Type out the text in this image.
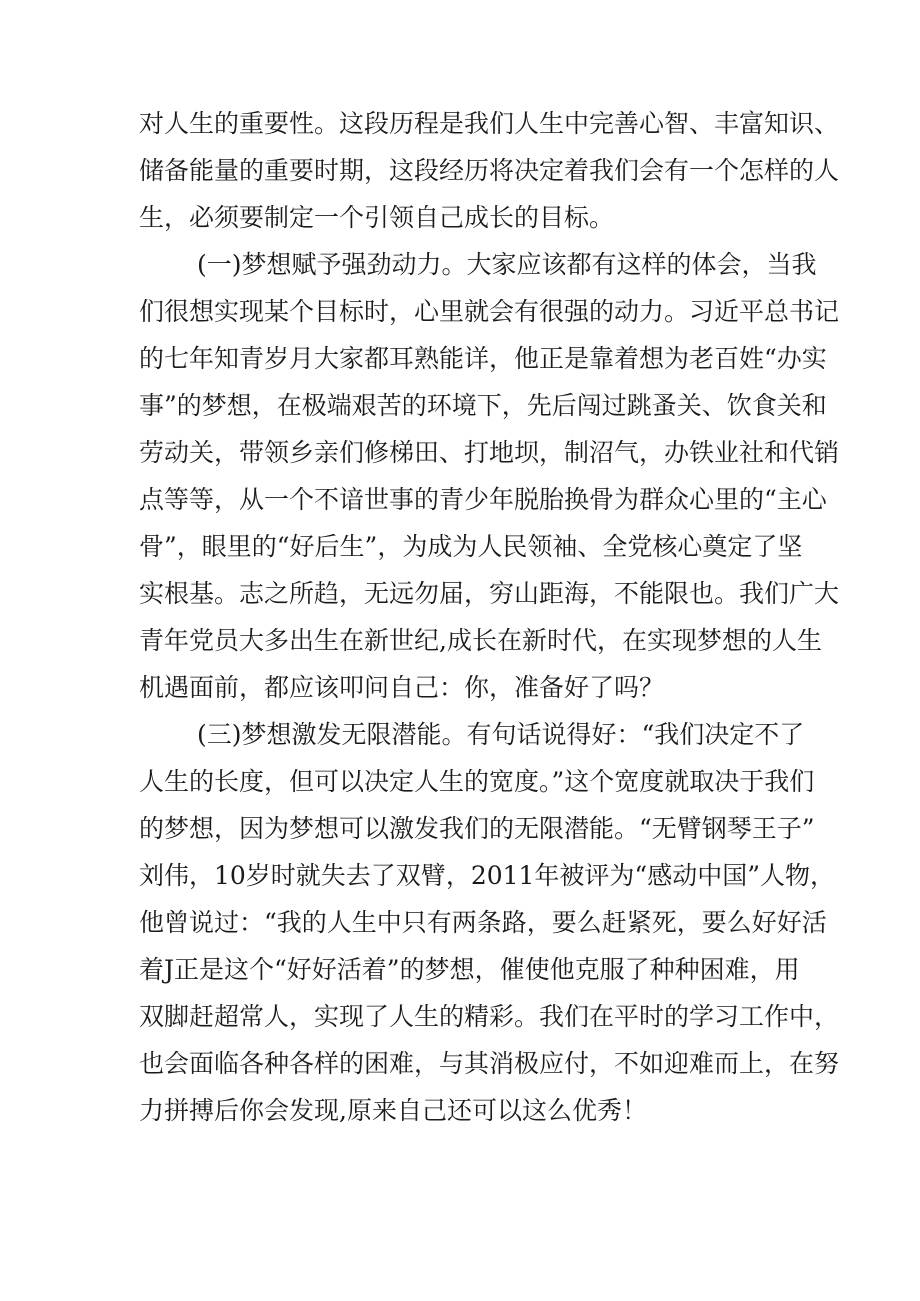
对人生的重要性。这段历程是我们人生中完善心智、丰富知识、
储备能量的重要时期，这段经历将决定着我们会有一个怎样的人
生，必须要制定一个引领自己成长的目标。
(一)梦想赋予强劲动力。大家应该都有这样的体会，当我
们很想实现某个目标时，心里就会有很强的动力。习近平总书记
的七年知青岁月大家都耳熟能详，他正是靠着想为老百姓“办实
事”的梦想，在极端艰苦的环境下，先后闯过跳蚤关、饮食关和
劳动关，带领乡亲们修梯田、打地坝，制沼气，办铁业社和代销
点等等，从一个不谙世事的青少年脱胎换骨为群众心里的“主心
骨”，眼里的“好后生”，为成为人民领袖、全党核心奠定了坚
实根基。志之所趋，无远勿届，穷山距海，不能限也。我们广大
青年党员大多出生在新世纪,成长在新时代，在实现梦想的人生
机遇面前，都应该叩问自己：你，准备好了吗？
(三)梦想激发无限潜能。有句话说得好：“我们决定不了
人生的长度，但可以决定人生的宽度。”这个宽度就取决于我们
的梦想，因为梦想可以激发我们的无限潜能。“无臂钢琴王子”
刘伟，10岁时就失去了双臂，2011年被评为“感动中国”人物，
他曾说过：“我的人生中只有两条路，要么赶紧死，要么好好活
着J正是这个“好好活着”的梦想，催使他克服了种种困难，用
双脚赶超常人，实现了人生的精彩。我们在平时的学习工作中，
也会面临各种各样的困难，与其消极应付，不如迎难而上，在努
力拼搏后你会发现,原来自己还可以这么优秀！
